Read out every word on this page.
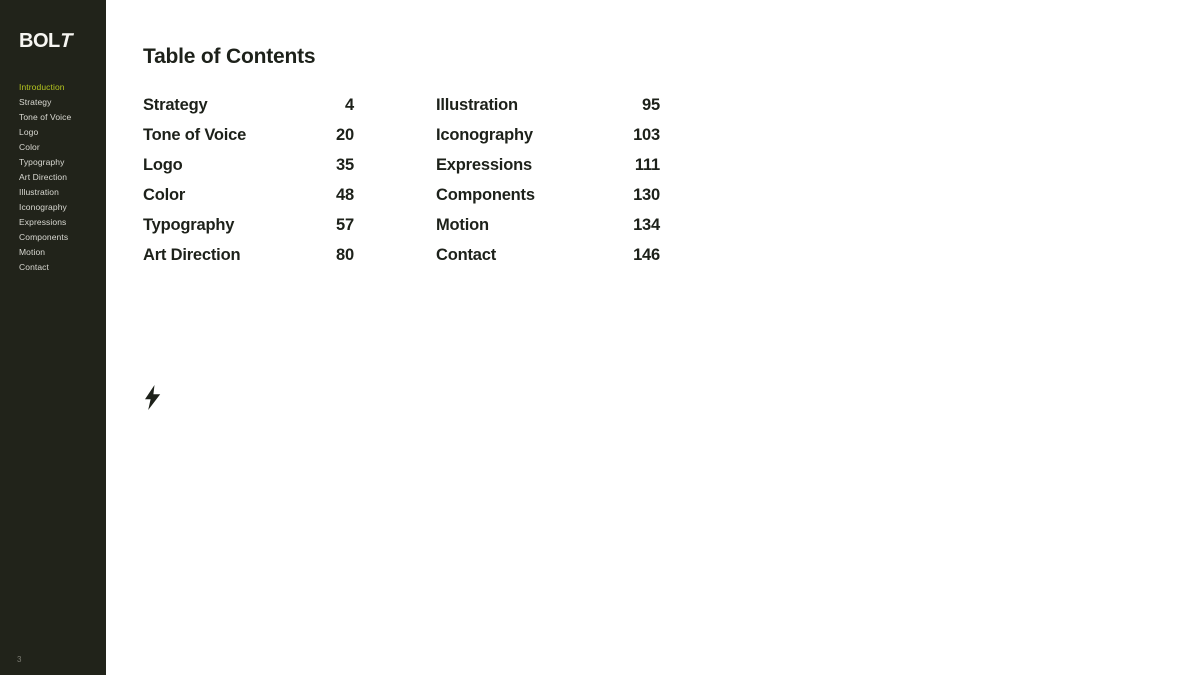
BOLT
Introduction
Strategy
Tone of Voice
Logo
Color
Typography
Art Direction
Illustration
Iconography
Expressions
Components
Motion
Contact
3
Table of Contents
Strategy	4
Tone of Voice	20
Logo	35
Color	48
Typography	57
Art Direction	80
Illustration	95
Iconography	103
Expressions	111
Components	130
Motion	134
Contact	146
